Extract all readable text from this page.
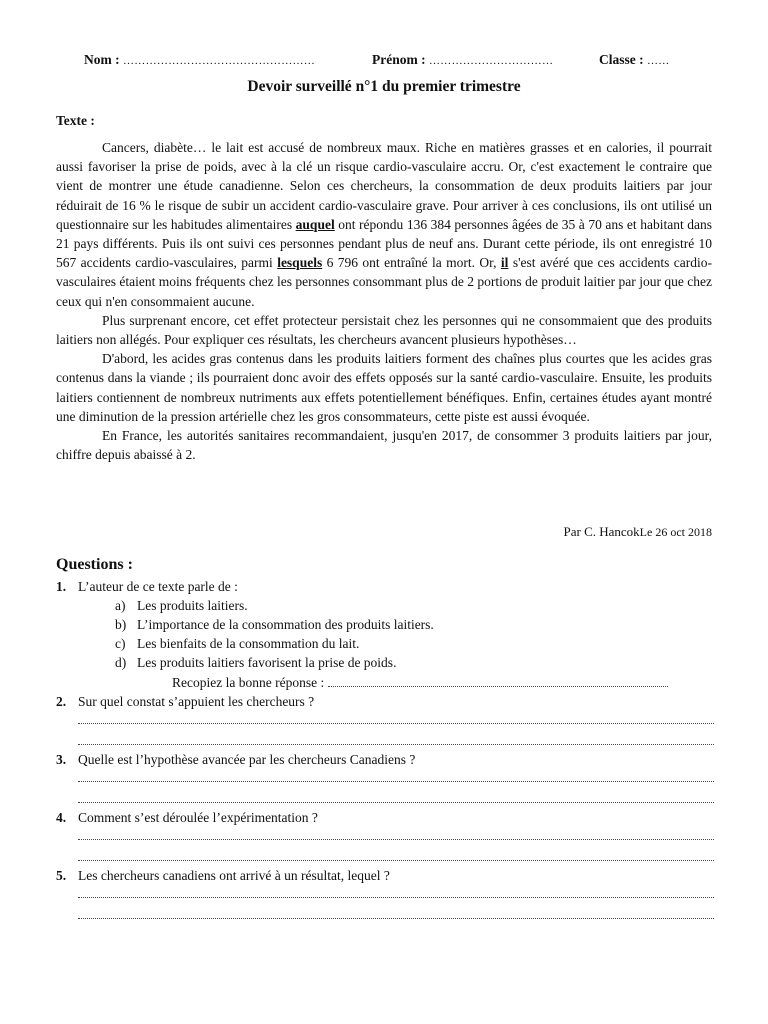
Nom : ……………………………………………	Prénom : ……………………………	Classe : ……
Devoir surveillé n°1 du premier trimestre
Texte :

Cancers, diabète… le lait est accusé de nombreux maux. Riche en matières grasses et en calories, il pourrait aussi favoriser la prise de poids, avec à la clé un risque cardio-vasculaire accru. Or, c'est exactement le contraire que vient de montrer une étude canadienne. Selon ces chercheurs, la consommation de deux produits laitiers par jour réduirait de 16 % le risque de subir un accident cardio-vasculaire grave. Pour arriver à ces conclusions, ils ont utilisé un questionnaire sur les habitudes alimentaires auquel ont répondu 136 384 personnes âgées de 35 à 70 ans et habitant dans 21 pays différents. Puis ils ont suivi ces personnes pendant plus de neuf ans. Durant cette période, ils ont enregistré 10 567 accidents cardio-vasculaires, parmi lesquels 6 796 ont entraîné la mort. Or, il s'est avéré que ces accidents cardio-vasculaires étaient moins fréquents chez les personnes consommant plus de 2 portions de produit laitier par jour que chez ceux qui n'en consommaient aucune.

Plus surprenant encore, cet effet protecteur persistait chez les personnes qui ne consommaient que des produits laitiers non allégés. Pour expliquer ces résultats, les chercheurs avancent plusieurs hypothèses…

D'abord, les acides gras contenus dans les produits laitiers forment des chaînes plus courtes que les acides gras contenus dans la viande ; ils pourraient donc avoir des effets opposés sur la santé cardio-vasculaire. Ensuite, les produits laitiers contiennent de nombreux nutriments aux effets potentiellement bénéfiques. Enfin, certaines études ayant montré une diminution de la pression artérielle chez les gros consommateurs, cette piste est aussi évoquée.

En France, les autorités sanitaires recommandaient, jusqu'en 2017, de consommer 3 produits laitiers par jour, chiffre depuis abaissé à 2.

Par C. HancokLe 26 oct 2018
Questions :
1. L’auteur de ce texte parle de :
a) Les produits laitiers.
b) L’importance de la consommation des produits laitiers.
c) Les bienfaits de la consommation du lait.
d) Les produits laitiers favorisent la prise de poids.
Recopiez la bonne réponse :
2. Sur quel constat s’appuient les chercheurs ?
3. Quelle est l’hypothèse avancée par les chercheurs Canadiens ?
4. Comment s’est déroulée l’expérimentation ?
5. Les chercheurs canadiens ont arrivé à un résultat, lequel ?
